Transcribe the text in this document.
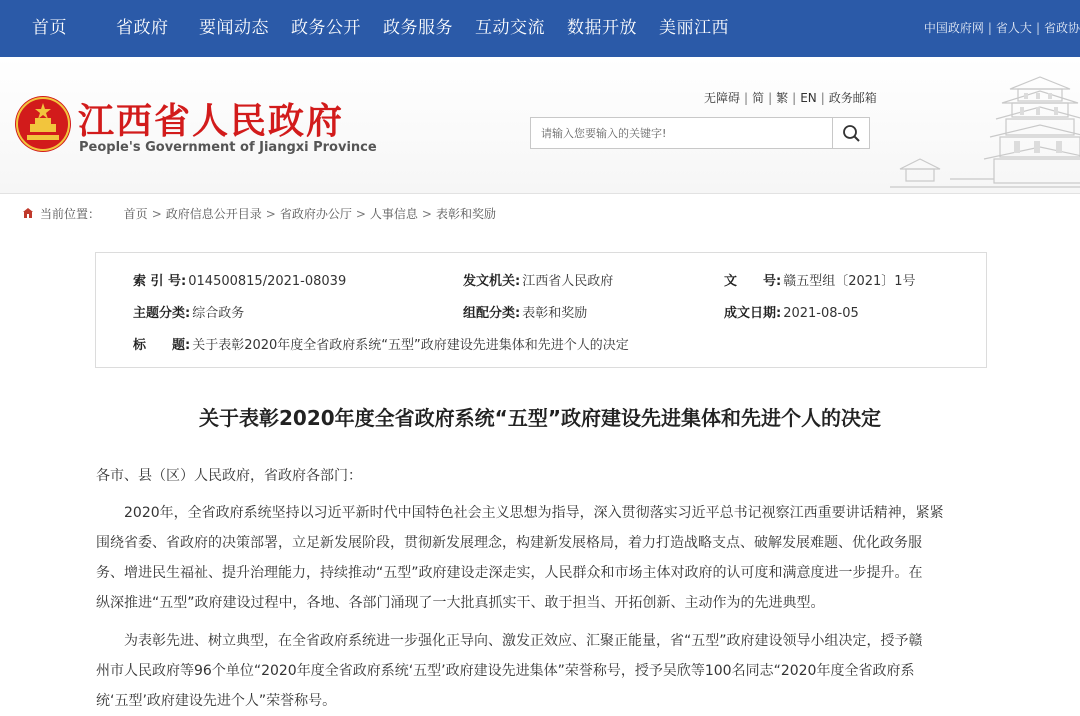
首页	省政府 要闻动态 政务公开 政务服务 互动交流 数据开放 美丽江西	中国政府网 | 省人大 | 省政协
江西省人民政府
People's Government of Jiangxi Province
无障碍 | 简 | 繁 | EN | 政务邮箱
请输入您要输入的关键字!
当前位置： 首页 > 政府信息公开目录 > 省政府办公厅 > 人事信息 > 表彰和奖励
索 引 号: 014500815/2021-08039	发文机关: 江西省人民政府	文　　号: 赣五型组〔2021〕1号
主题分类: 综合政务	组配分类: 表彰和奖励	成文日期: 2021-08-05
标　　题: 关于表彰2020年度全省政府系统“五型”政府建设先进集体和先进个人的决定
关于表彰2020年度全省政府系统“五型”政府建设先进集体和先进个人的决定
各市、县（区）人民政府，省政府各部门：
2020年，全省政府系统坚持以习近平新时代中国特色社会主义思想为指导，深入贯彻落实习近平总书记视察江西重要讲话精神，紧紧
围绕省委、省政府的决策部署，立足新发展阶段，贯彻新发展理念，构建新发展格局，着力打造战略支点、破解发展难题、优化政务服
务、增进民生福祉、提升治理能力，持续推动“五型”政府建设走深走实，人民群众和市场主体对政府的认可度和满意度进一步提升。在
纵深推进“五型”政府建设过程中，各地、各部门涌现了一大批真抓实干、敢于担当、开拓创新、主动作为的先进典型。
为表彰先进、树立典型，在全省政府系统进一步强化正导向、激发正效应、汇聚正能量，省“五型”政府建设领导小组决定，授予赣
州市人民政府等96个单位“2020年度全省政府系统‘五型’政府建设先进集体”荣誉称号，授予吴欣等100名同志“2020年度全省政府系
统‘五型’政府建设先进个人”荣誉称号。
